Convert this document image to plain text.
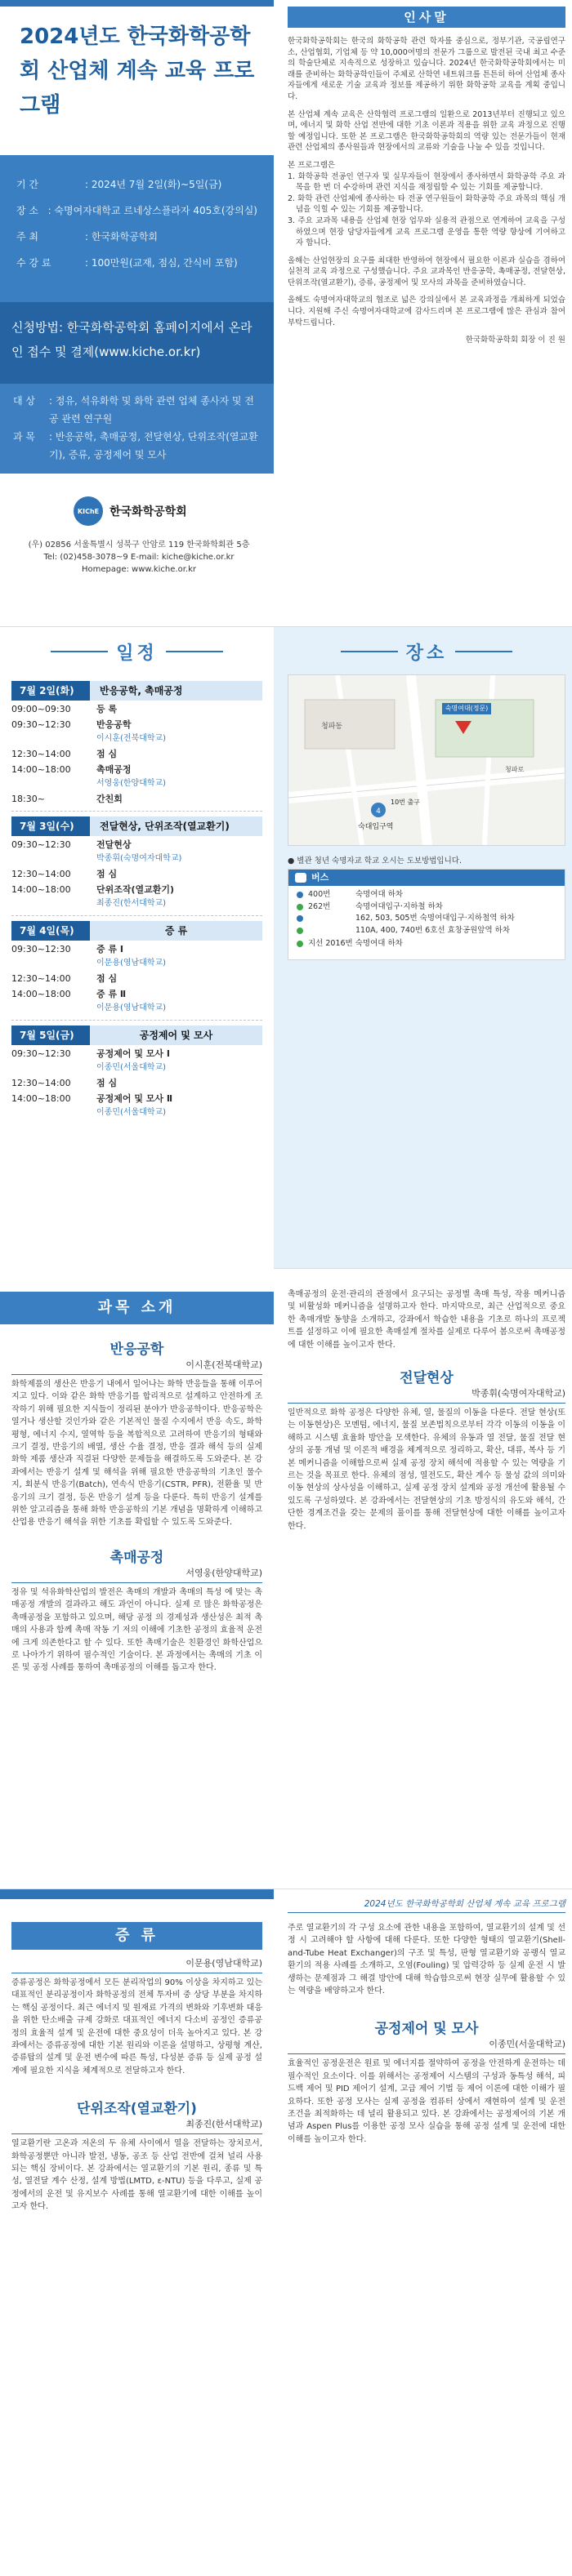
2024년도 한국화학공학회 산업체 계속 교육 프로그램
기 간	: 2024년 7월 2일(화)~5일(금)
장 소 : 숙명여자대학교 르네상스플라자 405호(강의실)
주 최	: 한국화학공학회
수 강 료	: 100만원(교재, 점심, 간식비 포함)
신청방법: 한국화학공학회 홈페이지에서 온라인 접수 및 결제(www.kiche.or.kr)
대 상	: 정유, 석유화학 및 화학 관련 업체 종사자 및 전공 관련 연구원
과 목	: 반응공학, 촉매공정, 전달현상, 단위조작(열교환기), 증류, 공정제어 및 모사
KIChE 한국화학공학회
(우) 02856 서울특별시 성북구 안암로 119 한국화학회관 5층
Tel: (02)458-3078~9 E-mail: kiche@kiche.or.kr
Homepage: www.kiche.or.kr
인사말

한국화학공학회는 한국의 화학공학 관련 학자를 중심으로, 정부기관, 국공립연구소, 산업협회, 기업체 등 약 10,000여명의 전문가 그룹으로 발전된 국내 최고 수준의 학술단체로 지속적으로 성장하고 있습니다. 2024년 한국화학공학회에서는 미래를 준비하는 화학공학인들이 주체로 산학연 네트워크를 튼튼히 하여 산업체 종사자들에게 새로운 기술 교육과 정보를 제공하기 위한 화학공학 교육을 계획 중입니다.

본 산업체 계속 교육은 산학협력 프로그램의 일환으로 2013년부터 진행되고 있으며, 에너지 및 화학 산업 전반에 대한 기초 이론과 적용을 위한 교육 과정으로 진행할 예정입니다. 또한 본 프로그램은 한국화학공학회의 역량 있는 전문가들이 현재 관련 산업체의 종사원들과 현장에서의 교류와 기술을 나눌 수 있을 것입니다.

본 프로그램은
1. 화학공학 전공인 연구자 및 실무자들이 현장에서 종사하면서 화학공학 주요 과목을 한 번 더 수강하며 관련 지식을 재정립할 수 있는 기회를 제공합니다.
2. 화학 관련 산업체에 종사하는 타 전공 연구원들이 화학공학 주요 과목의 핵심 개념을 익힐 수 있는 기회를 제공합니다.
3. 주요 교과목 내용을 산업체 현장 업무와 실용적 관점으로 연계하여 교육을 구성하였으며 현장 담당자들에게 교육 프로그램 운영을 통한 역량 향상에 기여하고자 합니다.

올해는 산업현장의 요구를 최대한 반영하여 현장에서 필요한 이론과 실습을 겸하여 실천적 교육 과정으로 구성했습니다. 주요 교과목인 반응공학, 촉매공정, 전달현상, 단위조작(열교환기), 증류, 공정제어 및 모사의 과목을 준비하였습니다.

올해도 숙명여자대학교의 협조로 넓은 강의실에서 본 교육과정을 개최하게 되었습니다. 지원해 주신 숙명여자대학교에 감사드리며 본 프로그램에 많은 관심과 참여 부탁드립니다.

한국화학공학회 회장 이 진 원
일정
7월 2일(화)	반응공학, 촉매공정
09:00~09:30	등 록
09:30~12:30	반응공학
이시훈(전북대학교)
12:30~14:00	점 심
14:00~18:00	촉매공정
서영웅(한양대학교)
18:30~	간친회
7월 3일(수)	전달현상, 단위조작(열교환기)
09:30~12:30	전달현상
박종휘(숙명여자대학교)
12:30~14:00	점 심
14:00~18:00	단위조작(열교환기)
최종진(한서대학교)
7월 4일(목)	증 류
09:30~12:30	증 류 Ⅰ
이문용(영남대학교)
12:30~14:00	점 심
14:00~18:00	증 류 Ⅱ
이문용(영남대학교)
7월 5일(금)	공정제어 및 모사
09:30~12:30	공정제어 및 모사 Ⅰ
이종민(서울대학교)
12:30~14:00	점 심
14:00~18:00	공정제어 및 모사 Ⅱ
이종민(서울대학교)
장소
4
숙명여대(정문)
숙대입구역
10번 출구
청파동
청파로
● 별관 청년 숙명자교 학교 오시는 도보방법입니다.
버스
400번	숙명여대 하차
262번	숙명여대입구·지하철 하차
162, 503, 505번 숙명여대입구·지하철역 하차
110A, 400, 740번 6호선 효창공원앞역 하차
지선 2016번 숙명여대 하차
과목 소개
반응공학
이시훈(전북대학교)
화학제품의 생산은 반응기 내에서 일어나는 화학 반응들을 통해 이루어지고 있다. 이와 같은 화학 반응기를 합리적으로 설계하고 안전하게 조작하기 위해 필요한 지식들이 정리된 분야가 반응공학이다. 반응공학은 열거나 생산할 것인가와 같은 기본적인 물질 수지에서 반응 속도, 화학 평형, 에너지 수지, 열역학 등을 복합적으로 고려하여 반응기의 형태와 크기 결정, 반응기의 배열, 생산 수율 결정, 반응 결과 해석 등의 실제 화학 제품 생산과 직결된 다양한 문제들을 해결하도록 도와준다. 본 강좌에서는 반응기 설계 및 해석을 위해 필요한 반응공학의 기초인 물수지, 회분식 반응기(Batch), 연속식 반응기(CSTR, PFR), 전환율 및 반응기의 크기 결정, 등온 반응기 설계 등을 다룬다. 특히 반응기 설계를 위한 알고리즘을 통해 화학 반응공학의 기본 개념을 명확하게 이해하고 산업용 반응기 해석을 위한 기초를 확립할 수 있도록 도와준다.
촉매공정
서영웅(한양대학교)
정유 및 석유화학산업의 발전은 촉매의 개발과 촉매의 특성 에 맞는 촉매공정 개발의 결과라고 해도 과언이 아니다. 실제 로 많은 화학공정은 촉매공정을 포함하고 있으며, 해당 공정 의 경제성과 생산성은 최적 촉매의 사용과 함께 촉매 작동 기 저의 이해에 기초한 공정의 효율적 운전에 크게 의존한다고 할 수 있다. 또한 촉매기술은 친환경인 화학산업으로 나아가기 위하여 필수적인 기술이다. 본 과정에서는 촉매의 기초 이론 및 공정 사례를 통하여 촉매공정의 이해를 돕고자 한다.
촉매공정의 운전·관리의 관점에서 요구되는 공정별 촉매 특성, 작용 메커니즘 및 비활성화 메커니즘을 설명하고자 한다. 마지막으로, 최근 산업적으로 중요한 촉매개발 동향을 소개하고, 강좌에서 학습한 내용을 기초로 하나의 프로젝트를 설정하고 이에 필요한 촉매설계 절차를 실제로 다루어 봄으로써 촉매공정에 대한 이해를 높이고자 한다.
전달현상
박종휘(숙명여자대학교)
일반적으로 화학 공정은 다양한 유체, 열, 물질의 이동을 다룬다. 전달 현상(또는 이동현상)은 모멘텀, 에너지, 물질 보존법칙으로부터 각각 이동의 이동을 이해하고 시스템 효율화 방안을 모색한다. 유체의 유동과 열 전달, 물질 전달 현상의 공통 개념 및 이론적 배경을 체계적으로 정리하고, 확산, 대류, 복사 등 기본 메커니즘을 이해함으로써 실제 공정 장치 해석에 적용할 수 있는 역량을 기르는 것을 목표로 한다. 유체의 점성, 열전도도, 확산 계수 등 물성 값의 의미와 이동 현상의 상사성을 이해하고, 실제 공정 장치 설계와 공정 개선에 활용될 수 있도록 구성하였다. 본 강좌에서는 전달현상의 기초 방정식의 유도와 해석, 간단한 경계조건을 갖는 문제의 풀이를 통해 전달현상에 대한 이해를 높이고자 한다.
2024년도 한국화학공학회 산업체 계속 교육 프로그램
증 류
이문용(영남대학교)
증류공정은 화학공정에서 모든 분리작업의 90% 이상을 차지하고 있는 대표적인 분리공정이자 화학공정의 전체 투자비 중 상당 부분을 차지하는 핵심 공정이다. 최근 에너지 및 원재료 가격의 변화와 기후변화 대응을 위한 탄소배출 규제 강화로 대표적인 에너지 다소비 공정인 증류공정의 효율적 설계 및 운전에 대한 중요성이 더욱 높아지고 있다. 본 강좌에서는 증류공정에 대한 기본 원리와 이론을 설명하고, 상평형 계산, 증류탑의 설계 및 운전 변수에 따른 특성, 다성분 증류 등 실제 공정 설계에 필요한 지식을 체계적으로 전달하고자 한다.
단위조작(열교환기)
최종진(한서대학교)
열교환기란 고온과 저온의 두 유체 사이에서 열을 전달하는 장치로서, 화학공정뿐만 아니라 발전, 냉동, 공조 등 산업 전반에 걸쳐 널리 사용되는 핵심 장비이다. 본 강좌에서는 열교환기의 기본 원리, 종류 및 특성, 열전달 계수 산정, 설계 방법(LMTD, ε-NTU) 등을 다루고, 실제 공정에서의 운전 및 유지보수 사례를 통해 열교환기에 대한 이해를 높이고자 한다.
주로 열교환기의 각 구성 요소에 관한 내용을 포함하여, 열교환기의 설계 및 선정 시 고려해야 할 사항에 대해 다룬다. 또한 다양한 형태의 열교환기(Shell-and-Tube Heat Exchanger)의 구조 및 특성, 판형 열교환기와 공랭식 열교환기의 적용 사례를 소개하고, 오염(Fouling) 및 압력강하 등 실제 운전 시 발생하는 문제점과 그 해결 방안에 대해 학습함으로써 현장 실무에 활용할 수 있는 역량을 배양하고자 한다.
공정제어 및 모사
이종민(서울대학교)
효율적인 공정운전은 원료 및 에너지를 절약하여 공정을 안전하게 운전하는 데 필수적인 요소이다. 이를 위해서는 공정제어 시스템의 구성과 동특성 해석, 피드백 제어 및 PID 제어기 설계, 고급 제어 기법 등 제어 이론에 대한 이해가 필요하다. 또한 공정 모사는 실제 공정을 컴퓨터 상에서 재현하여 설계 및 운전 조건을 최적화하는 데 널리 활용되고 있다. 본 강좌에서는 공정제어의 기본 개념과 Aspen Plus를 이용한 공정 모사 실습을 통해 공정 설계 및 운전에 대한 이해를 높이고자 한다.
